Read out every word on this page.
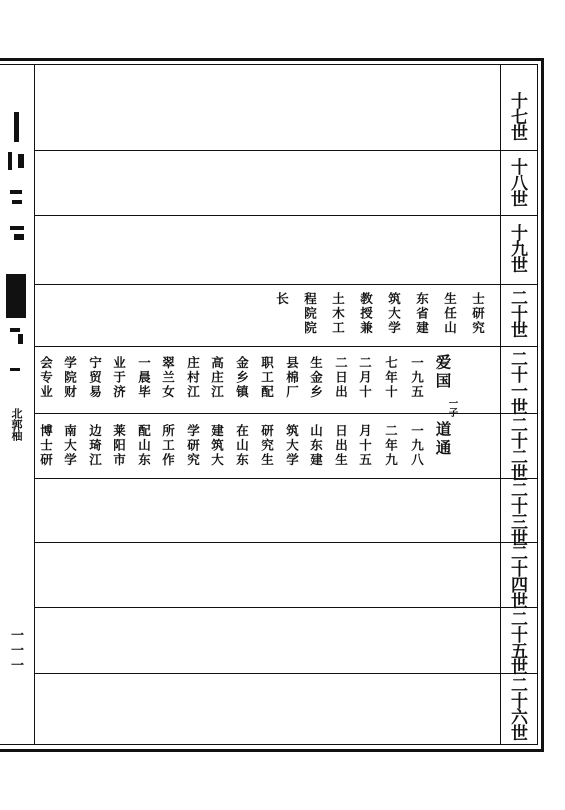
十七世
十八世
十九世
二十世
二十一世
二十二世
二十三世
二十四世
二十五世
二十六世
士研究
生任山
东省建
筑大学
教授兼
土木工
程院院
长
爱国
一子
一九五
七年十
二月十
二日出
生金乡
县棉厂
职工配
金乡镇
高庄江
庄村江
翠兰女
一晨毕
业于济
宁贸易
学院财
会专业
道通
一九八
二年九
月十五
日出生
山东建
筑大学
研究生
在山东
建筑大
学研究
所工作
配山东
莱阳市
边琦江
南大学
博士研
北郭柚
一一一
